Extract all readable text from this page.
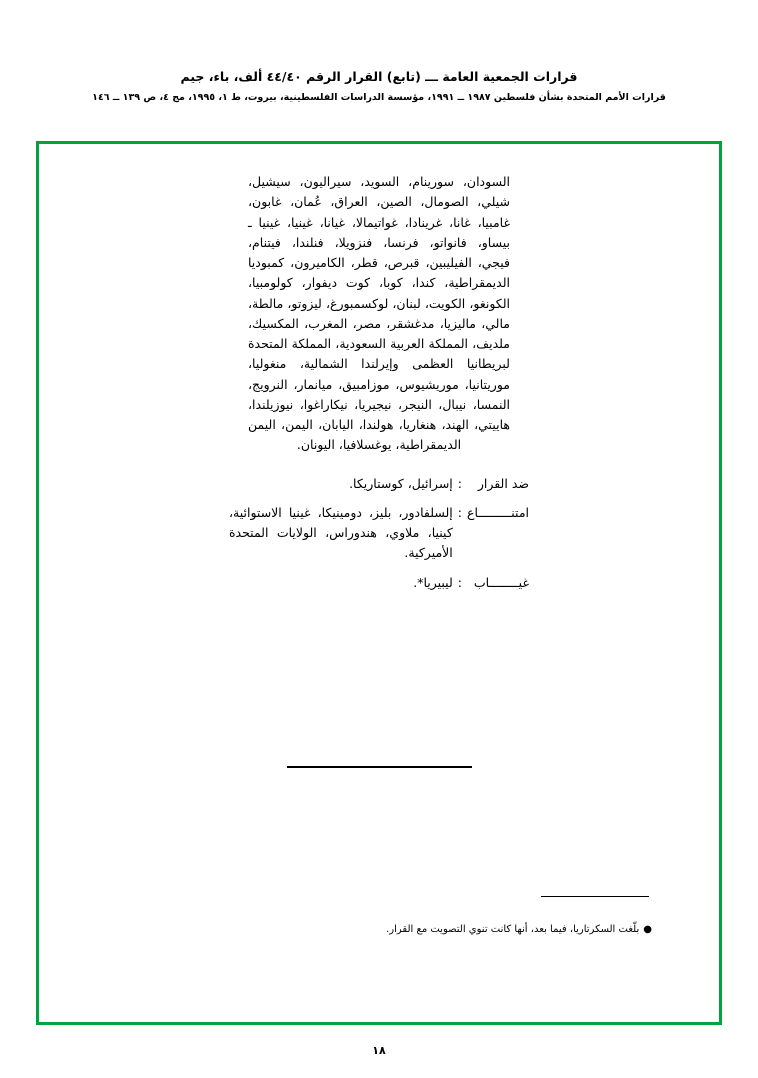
قرارات الجمعية العامة ـــ (تابع) القرار الرقم ٤٤/٤٠ ألف، باء، جيم
قرارات الأمم المتحدة بشأن فلسطين ١٩٨٧ ــ ١٩٩١، مؤسسة الدراسات الفلسطينية، بيروت، ط ١، ١٩٩٥، مج ٤، ص ١٣٩ ــ ١٤٦
السودان، سورينام، السويد، سيراليون، سيشيل، شيلي، الصومال، الصين، العراق، عُمان، غابون، غامبيا، غانا، غرينادا، غواتيمالا، غيانا، غينيا، غينيا ـ بيساو، فانواتو، فرنسا، فنزويلا، فنلندا، فيتنام، فيجي، الفيليبين، قبرص، قطر، الكاميرون، كمبوديا الديمقراطية، كندا، كوبا، كوت ديفوار، كولومبيا، الكونغو، الكويت، لبنان، لوكسمبورغ، ليزوتو، مالطة، مالي، ماليزيا، مدغشقر، مصر، المغرب، المكسيك، ملديف، المملكة العربية السعودية، المملكة المتحدة لبريطانيا العظمى وإيرلندا الشمالية، منغوليا، موريتانيا، موريشيوس، موزامبيق، ميانمار، النرويج، النمسا، نيبال، النيجر، نيجيريا، نيكاراغوا، نيوزيلندا، هاييتي، الهند، هنغاريا، هولندا، اليابان، اليمن، اليمن الديمقراطية، يوغسلافيا، اليونان.
ضد القرار
:
إسرائيل، كوستاريكا.
امتنـــــــــاع
:
إلسلفادور، بليز، دومينيكا، غينيا الاستوائية، كينيا، ملاوي، هندوراس، الولايات المتحدة الأميركية.
غيــــــــاب
:
ليبيريا*.
●بلّغت السكرتاريا، فيما بعد، أنها كانت تنوي التصويت مع القرار.
١٨
